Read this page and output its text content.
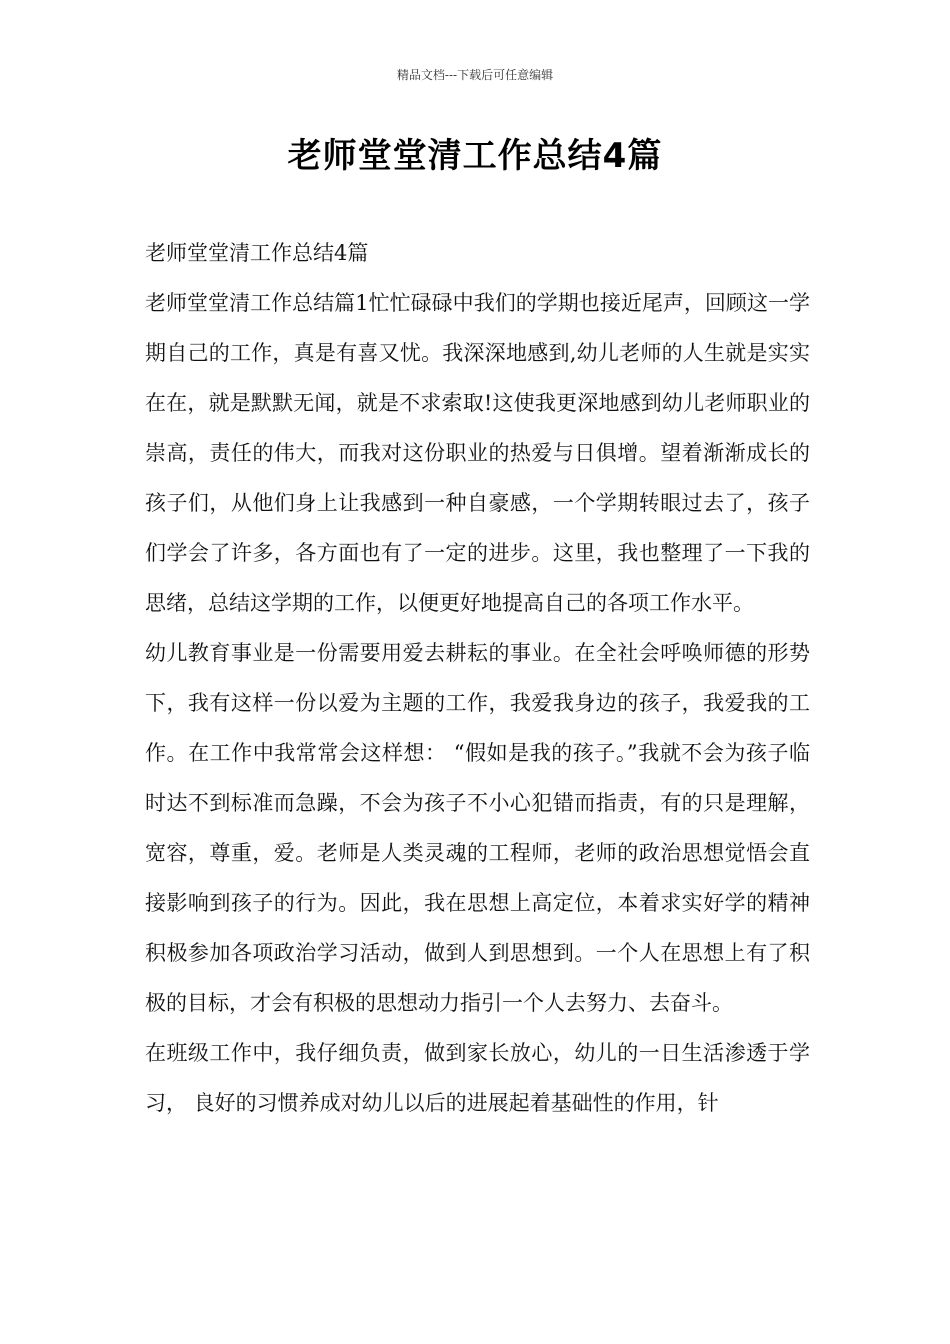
精品文档---下载后可任意编辑
老师堂堂清工作总结4篇

老师堂堂清工作总结4篇

老师堂堂清工作总结篇1忙忙碌碌中我们的学期也接近尾声，回顾这一学期自己的工作，真是有喜又忧。我深深地感到,幼儿老师的人生就是实实在在，就是默默无闻，就是不求索取!这使我更深地感到幼儿老师职业的崇高，责任的伟大，而我对这份职业的热爱与日俱增。望着渐渐成长的孩子们，从他们身上让我感到一种自豪感，一个学期转眼过去了，孩子们学会了许多，各方面也有了一定的进步。这里，我也整理了一下我的思绪，总结这学期的工作，以便更好地提高自己的各项工作水平。

幼儿教育事业是一份需要用爱去耕耘的事业。在全社会呼唤师德的形势下，我有这样一份以爱为主题的工作，我爱我身边的孩子，我爱我的工作。在工作中我常常会这样想： “假如是我的孩子。”我就不会为孩子临时达不到标准而急躁，不会为孩子不小心犯错而指责，有的只是理解，宽容，尊重，爱。老师是人类灵魂的工程师，老师的政治思想觉悟会直接影响到孩子的行为。因此，我在思想上高定位，本着求实好学的精神积极参加各项政治学习活动，做到人到思想到。一个人在思想上有了积极的目标，才会有积极的思想动力指引一个人去努力、去奋斗。

在班级工作中，我仔细负责，做到家长放心，幼儿的一日生活渗透于学习， 良好的习惯养成对幼儿以后的进展起着基础性的作用，针
